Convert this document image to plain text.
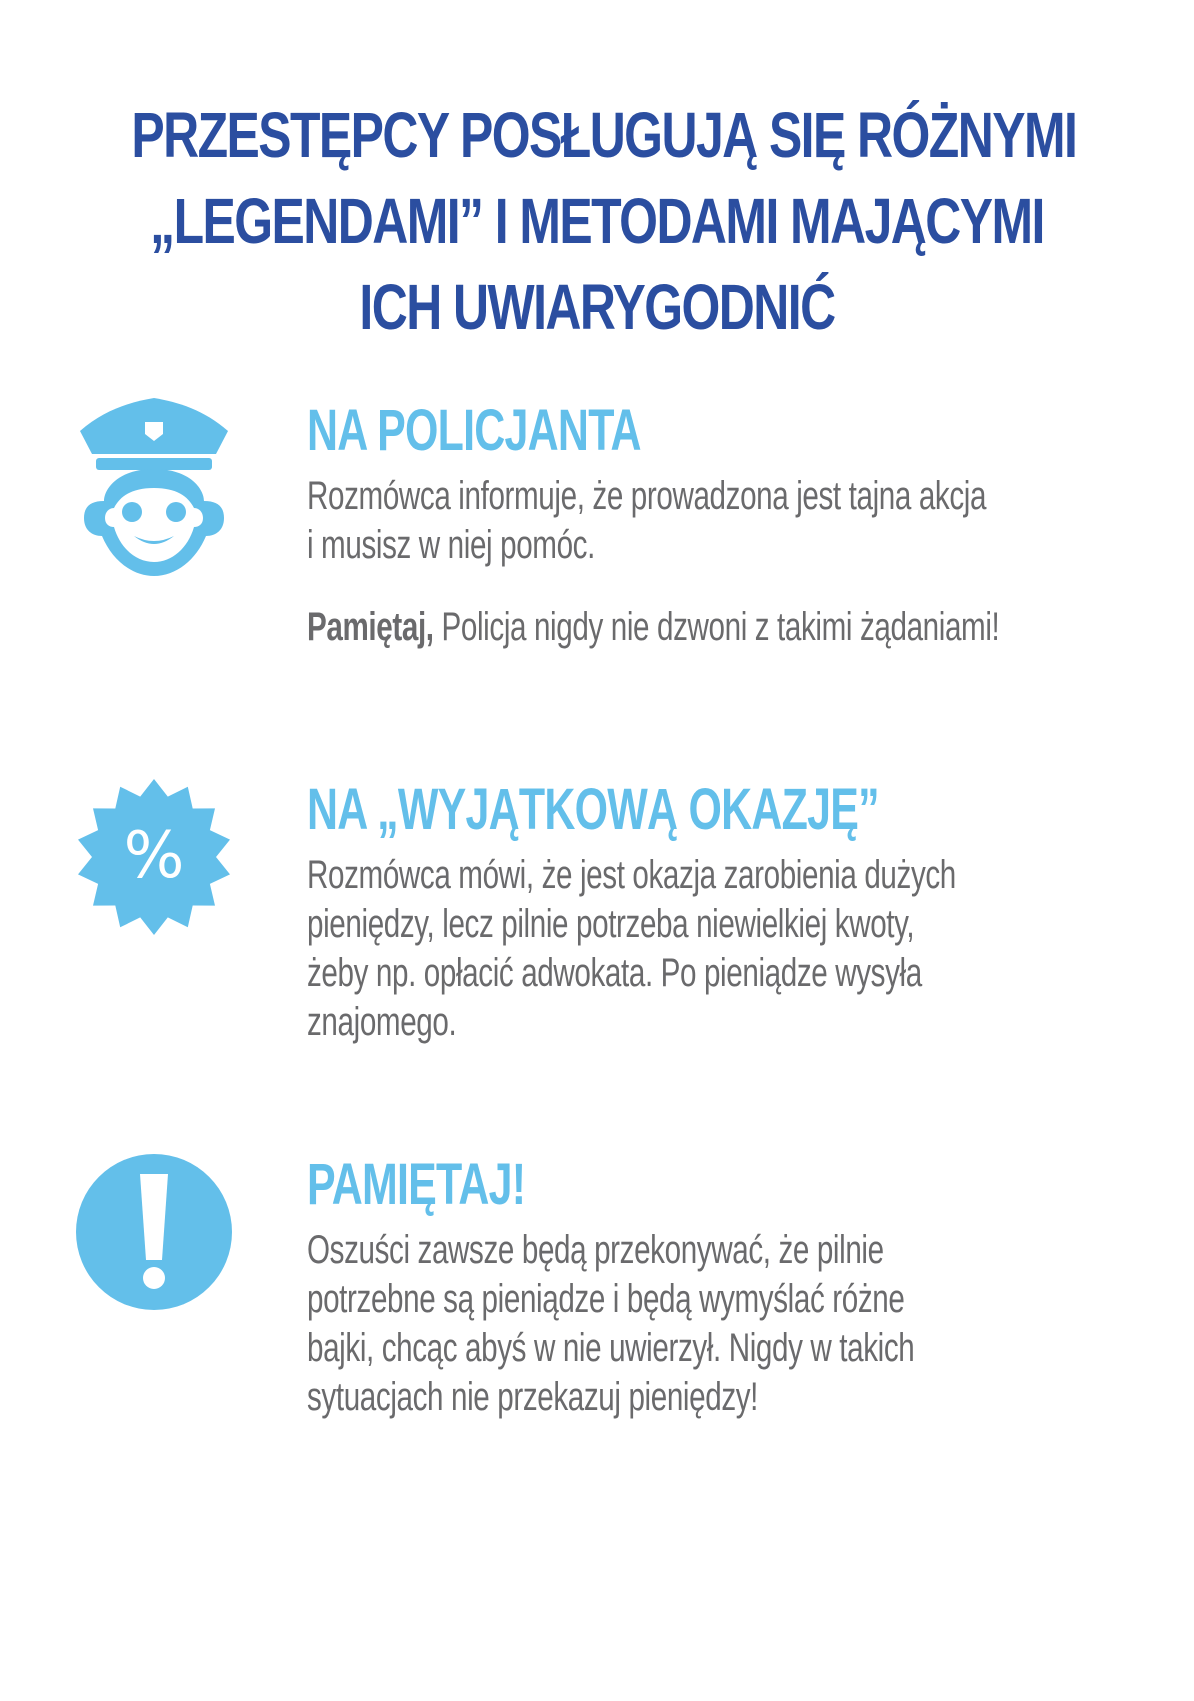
PRZESTĘPCY POSŁUGUJĄ SIĘ RÓŻNYMI
„LEGENDAMI” I METODAMI MAJĄCYMI
ICH UWIARYGODNIĆ
NA POLICJANTA

Rozmówca informuje, że prowadzona jest tajna akcja
i musisz w niej pomóc.

Pamiętaj, Policja nigdy nie dzwoni z takimi żądaniami!

%
NA „WYJĄTKOWĄ OKAZJĘ”

Rozmówca mówi, że jest okazja zarobienia dużych
pieniędzy, lecz pilnie potrzeba niewielkiej kwoty,
żeby np. opłacić adwokata. Po pieniądze wysyła
znajomego.

PAMIĘTAJ!

Oszuści zawsze będą przekonywać, że pilnie
potrzebne są pieniądze i będą wymyślać różne
bajki, chcąc abyś w nie uwierzył. Nigdy w takich
sytuacjach nie przekazuj pieniędzy!
